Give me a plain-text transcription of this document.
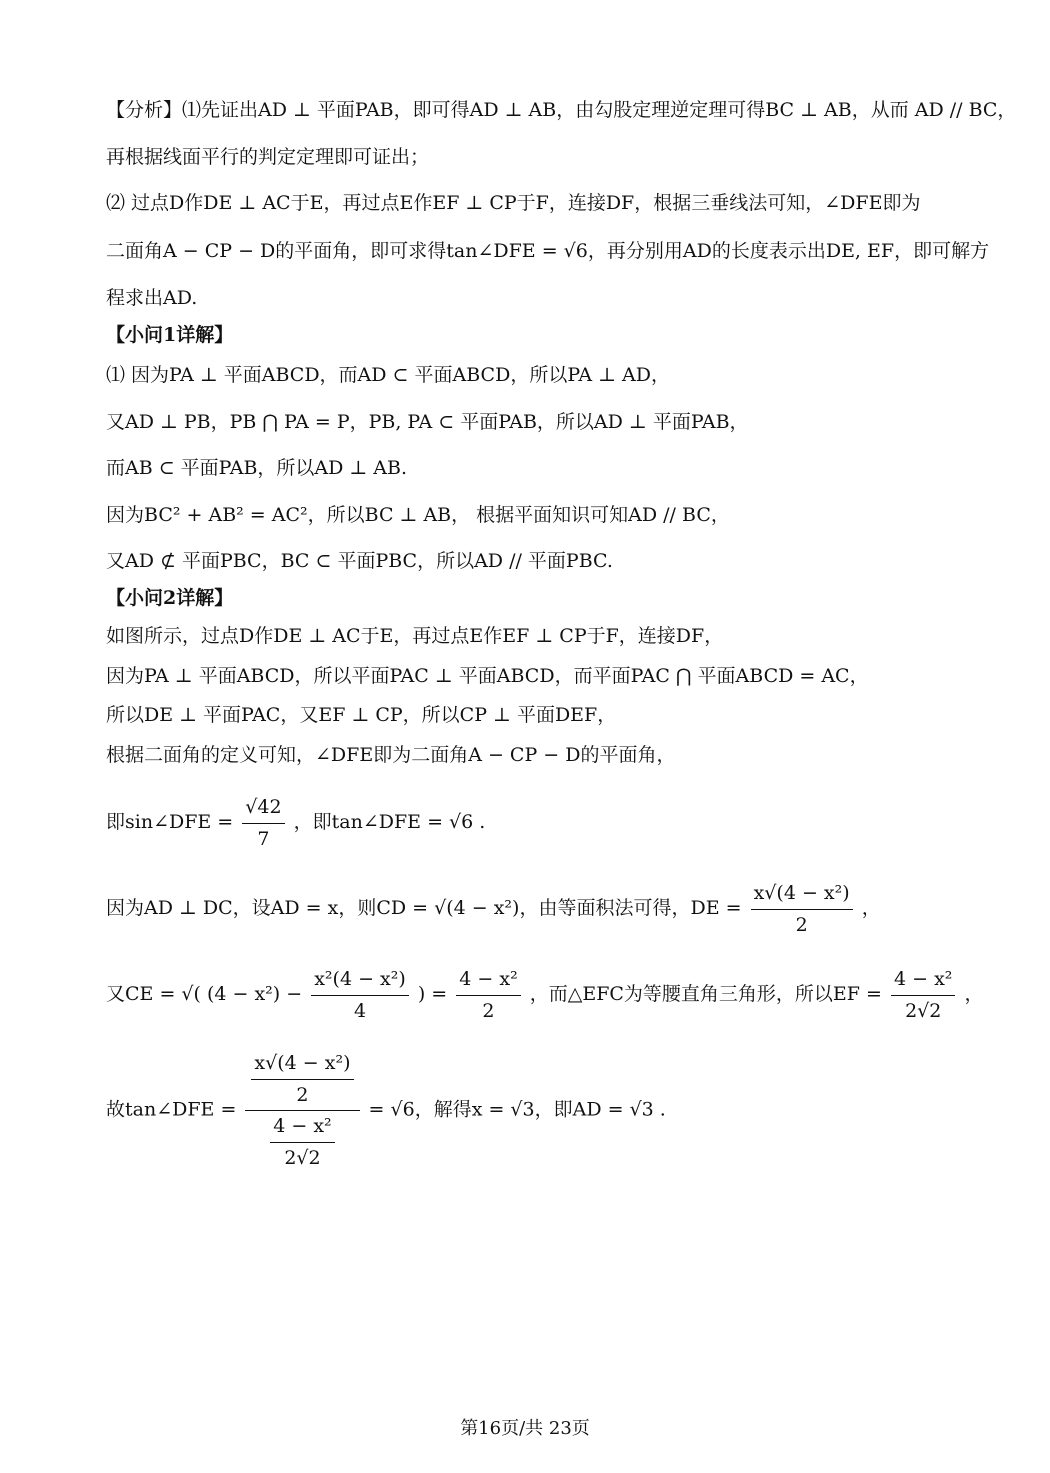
【分析】⑴先证出AD ⊥ 平面PAB，即可得AD ⊥ AB，由勾股定理逆定理可得BC ⊥ AB，从而 AD // BC，
再根据线面平行的判定定理即可证出；
⑵ 过点D作DE ⊥ AC于E，再过点E作EF ⊥ CP于F，连接DF，根据三垂线法可知，∠DFE即为
二面角A − CP − D的平面角，即可求得tan∠DFE = √6，再分别用AD的长度表示出DE, EF，即可解方
程求出AD.
【小问1详解】
⑴ 因为PA ⊥ 平面ABCD，而AD ⊂ 平面ABCD，所以PA ⊥ AD，
又AD ⊥ PB，PB ⋂ PA = P，PB, PA ⊂ 平面PAB，所以AD ⊥ 平面PAB，
而AB ⊂ 平面PAB，所以AD ⊥ AB.
因为BC² + AB² = AC²，所以BC ⊥ AB， 根据平面知识可知AD // BC，
又AD ⊄ 平面PBC，BC ⊂ 平面PBC，所以AD // 平面PBC.
【小问2详解】
如图所示，过点D作DE ⊥ AC于E，再过点E作EF ⊥ CP于F，连接DF，
因为PA ⊥ 平面ABCD，所以平面PAC ⊥ 平面ABCD，而平面PAC ⋂ 平面ABCD = AC，
所以DE ⊥ 平面PAC，又EF ⊥ CP，所以CP ⊥ 平面DEF，
根据二面角的定义可知，∠DFE即为二面角A − CP − D的平面角，
即sin∠DFE = $\frac{√42}{7}$ ，即tan∠DFE = √6 .
因为AD ⊥ DC，设AD = x，则CD = √(4 − x²)，由等面积法可得，DE = $\frac{\text{x√(4 − x²)}}{2}$ ，
又CE = √( $(4 - x^2) - \frac{\text{x²(4 − x²)}}{4}$ ) = $\frac{\text{4 − x²}}{2}$ ，而△EFC为等腰直角三角形，所以EF = $\frac{\text{4 − x²}}{2√2}$ ，
故tan∠DFE = $\frac{\frac{\text{x√(4 − x²)}}{2}}{\frac{\text{4 − x²}}{2√2}} = √6$，解得x = √3，即AD = √3 .
第16页/共 23页
